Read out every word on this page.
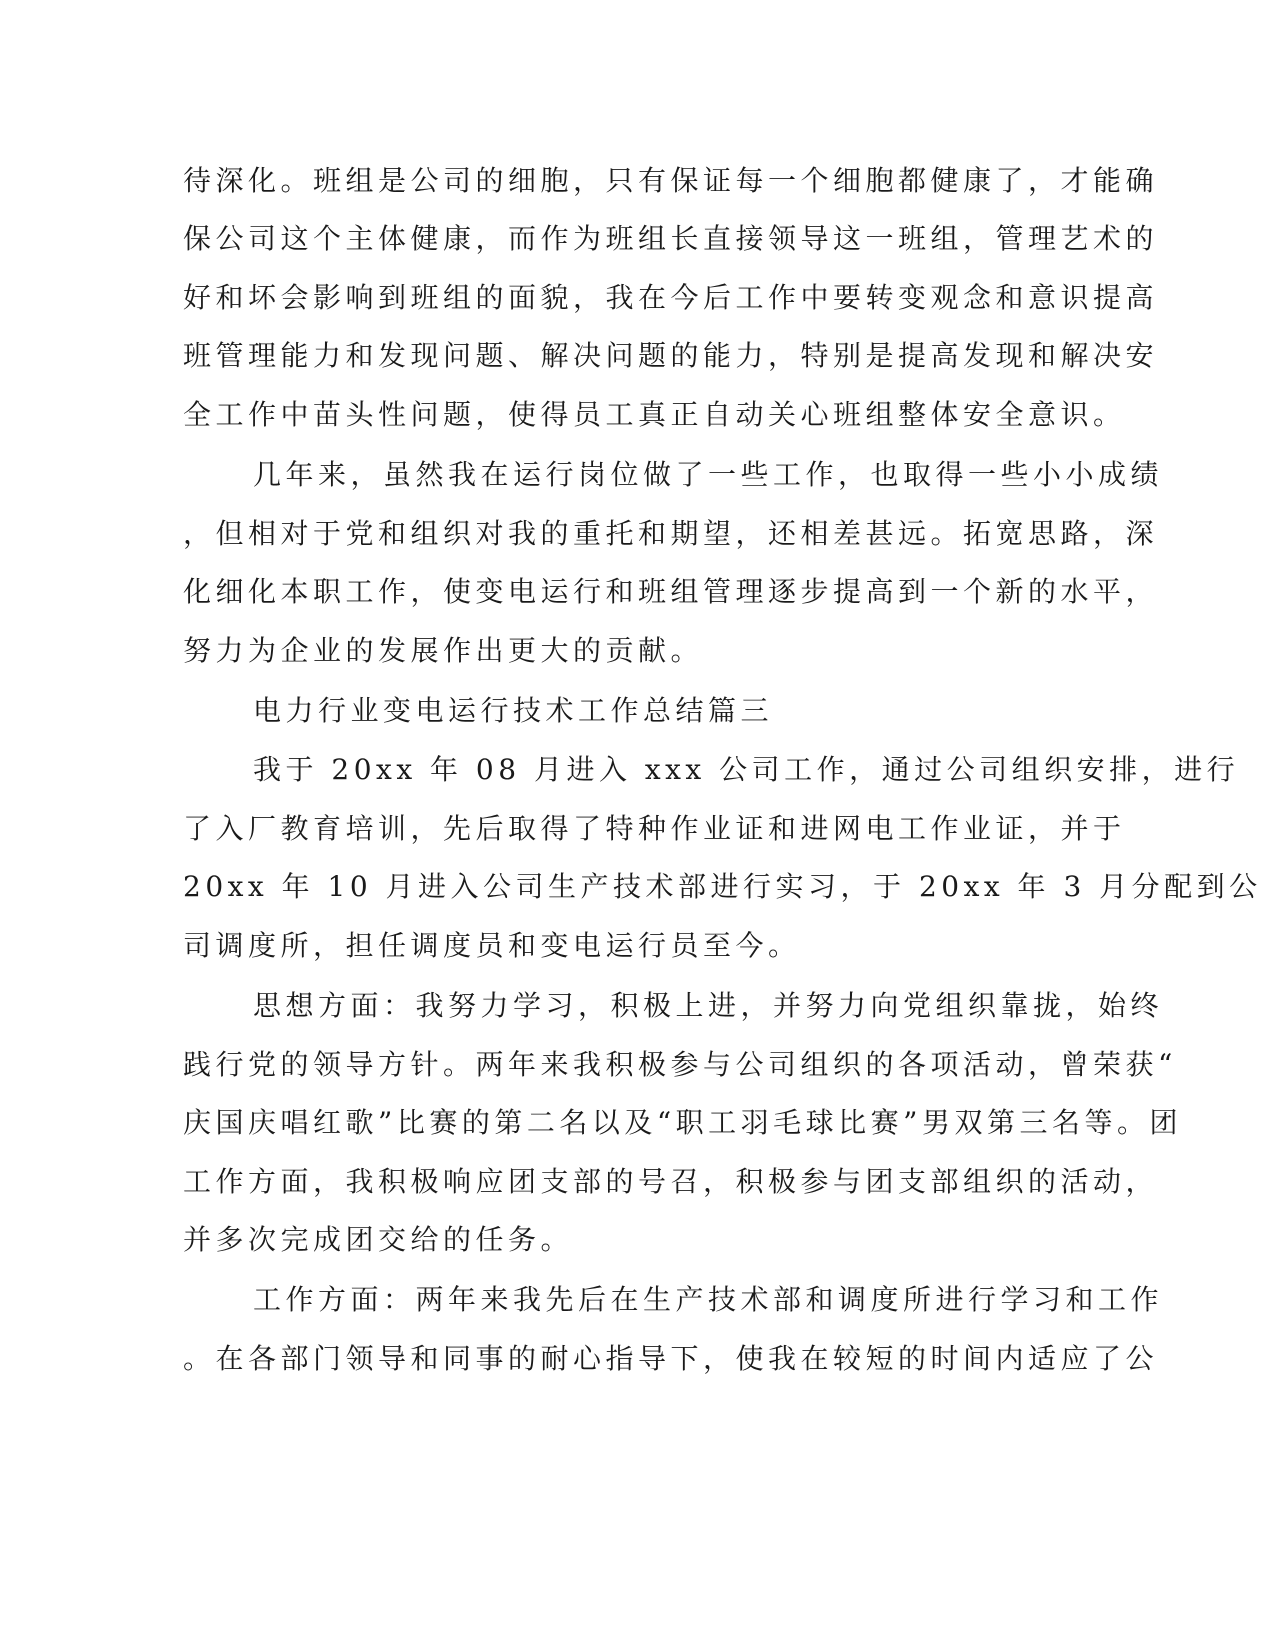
待深化。班组是公司的细胞，只有保证每一个细胞都健康了，才能确
保公司这个主体健康，而作为班组长直接领导这一班组，管理艺术的
好和坏会影响到班组的面貌，我在今后工作中要转变观念和意识提高
班管理能力和发现问题、解决问题的能力，特别是提高发现和解决安
全工作中苗头性问题，使得员工真正自动关心班组整体安全意识。
几年来，虽然我在运行岗位做了一些工作，也取得一些小小成绩
，但相对于党和组织对我的重托和期望，还相差甚远。拓宽思路，深
化细化本职工作，使变电运行和班组管理逐步提高到一个新的水平，
努力为企业的发展作出更大的贡献。
电力行业变电运行技术工作总结篇三
我于 20xx 年 08 月进入 xxx 公司工作，通过公司组织安排，进行
了入厂教育培训，先后取得了特种作业证和进网电工作业证，并于
20xx 年 10 月进入公司生产技术部进行实习，于 20xx 年 3 月分配到公
司调度所，担任调度员和变电运行员至今。
思想方面：我努力学习，积极上进，并努力向党组织靠拢，始终
践行党的领导方针。两年来我积极参与公司组织的各项活动，曾荣获“
庆国庆唱红歌”比赛的第二名以及“职工羽毛球比赛”男双第三名等。团
工作方面，我积极响应团支部的号召，积极参与团支部组织的活动，
并多次完成团交给的任务。
工作方面：两年来我先后在生产技术部和调度所进行学习和工作
。在各部门领导和同事的耐心指导下，使我在较短的时间内适应了公
